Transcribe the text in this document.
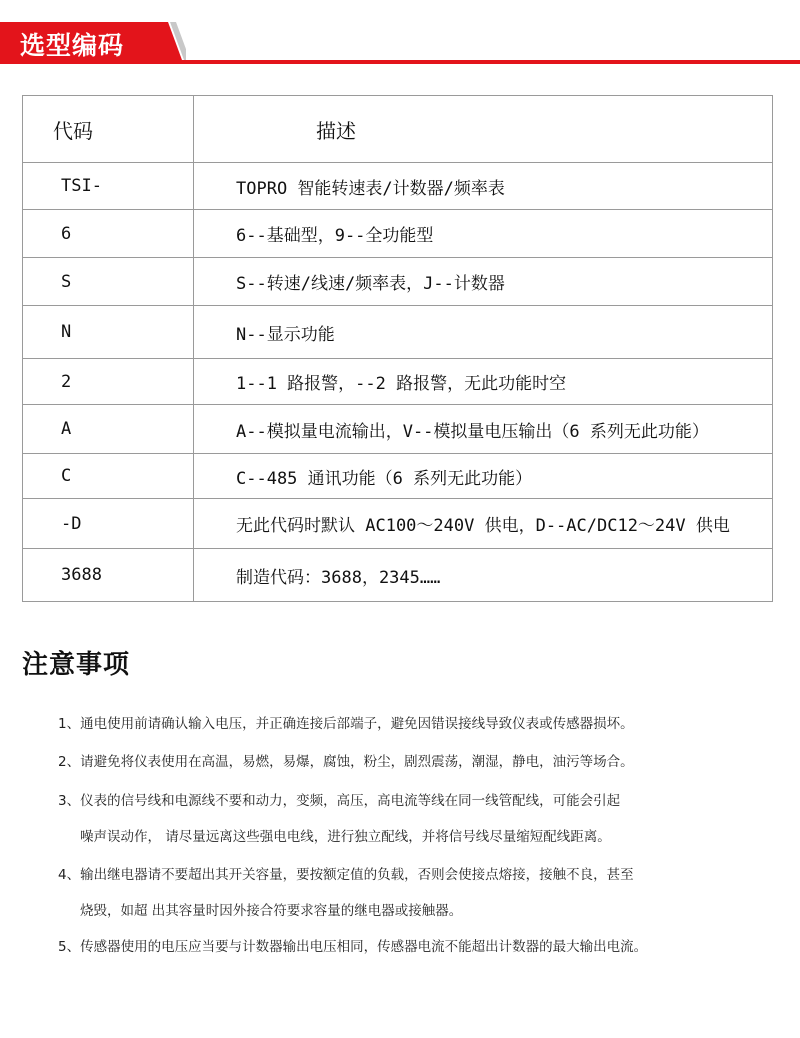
选型编码
代码	描述
TSI-	TOPRO 智能转速表/计数器/频率表
6	6--基础型，9--全功能型
S	S--转速/线速/频率表，J--计数器
N	N--显示功能
2	1--1 路报警，--2 路报警，无此功能时空
A	A--模拟量电流输出，V--模拟量电压输出（6 系列无此功能）
C	C--485 通讯功能（6 系列无此功能）
-D	无此代码时默认 AC100～240V 供电，D--AC/DC12～24V 供电
3688	制造代码：3688，2345……
注意事项
1、通电使用前请确认输入电压，并正确连接后部端子，避免因错误接线导致仪表或传感器损坏。
2、请避免将仪表使用在高温，易燃，易爆，腐蚀，粉尘，剧烈震荡，潮湿，静电，油污等场合。
3、仪表的信号线和电源线不要和动力，变频，高压，高电流等线在同一线管配线，可能会引起
噪声误动作， 请尽量远离这些强电电线，进行独立配线，并将信号线尽量缩短配线距离。
4、输出继电器请不要超出其开关容量，要按额定值的负载，否则会使接点熔接，接触不良，甚至
烧毁，如超 出其容量时因外接合符要求容量的继电器或接触器。
5、传感器使用的电压应当要与计数器输出电压相同，传感器电流不能超出计数器的最大输出电流。
